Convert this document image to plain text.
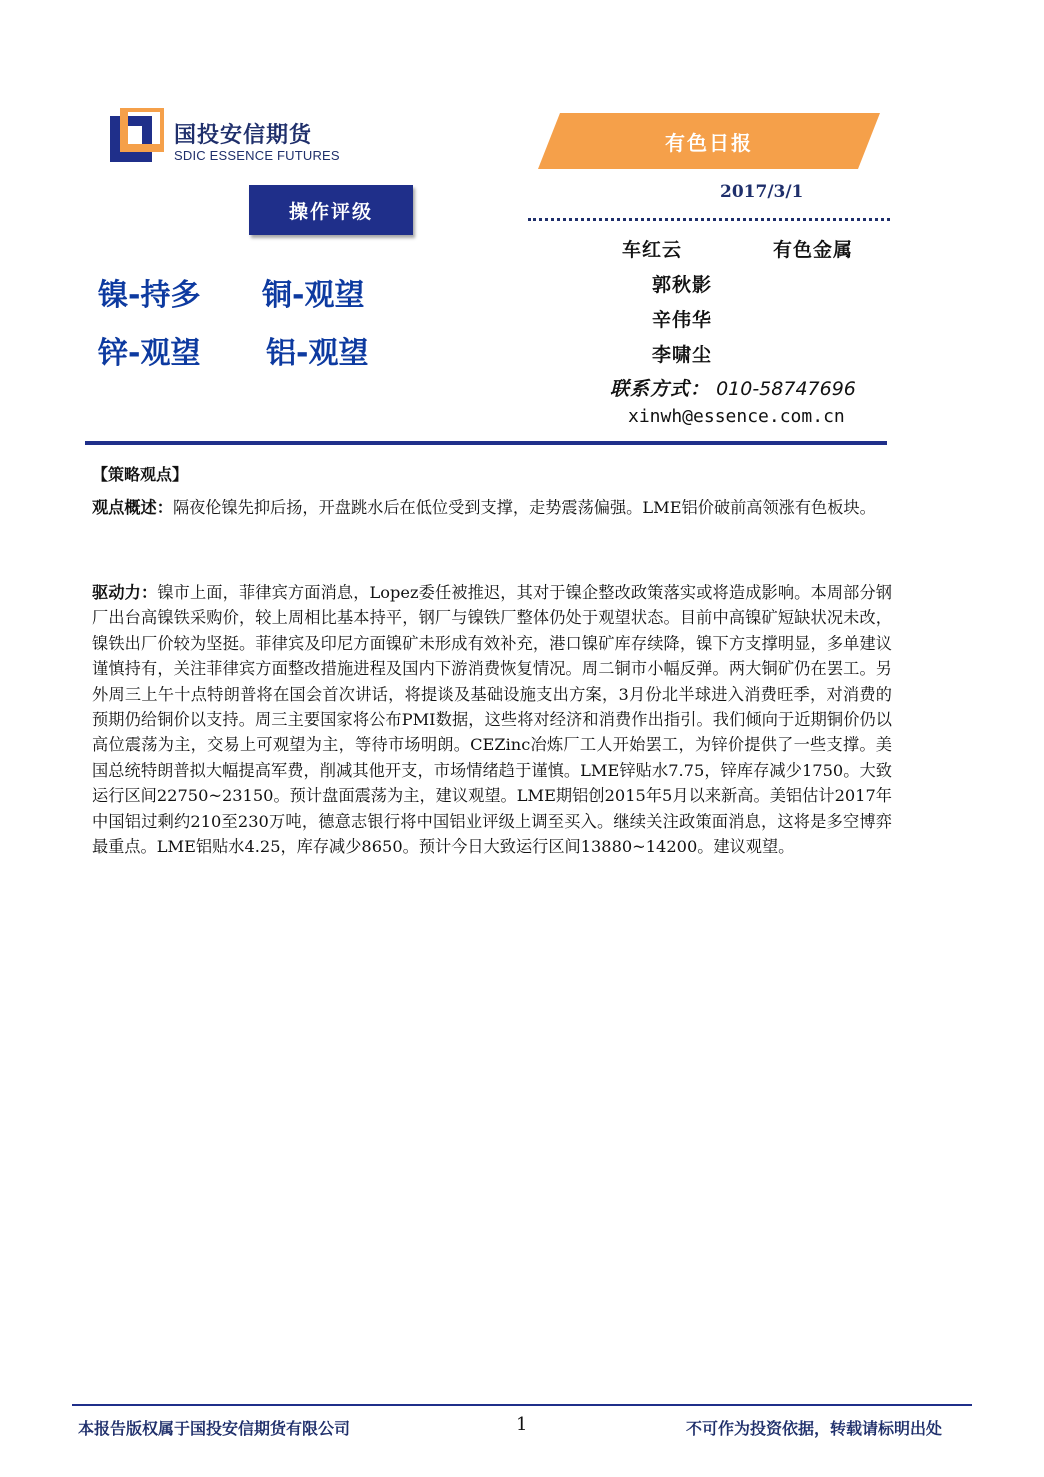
国投安信期货
SDIC ESSENCE FUTURES
有色日报
2017/3/1
操作评级
镍-持多 铜-观望
锌-观望 铝-观望
车红云	有色金属
郭秋影
辛伟华
李啸尘
联系方式： 010-58747696
xinwh@essence.com.cn
【策略观点】
观点概述：隔夜伦镍先抑后扬，开盘跳水后在低位受到支撑，走势震荡偏强。LME铝价破前高领涨有色板块。
驱动力：镍市上面，菲律宾方面消息，Lopez委任被推迟，其对于镍企整改政策落实或将造成影响。本周部分钢厂出台高镍铁采购价，较上周相比基本持平，钢厂与镍铁厂整体仍处于观望状态。目前中高镍矿短缺状况未改，镍铁出厂价较为坚挺。菲律宾及印尼方面镍矿未形成有效补充，港口镍矿库存续降，镍下方支撑明显，多单建议谨慎持有，关注菲律宾方面整改措施进程及国内下游消费恢复情况。周二铜市小幅反弹。两大铜矿仍在罢工。另外周三上午十点特朗普将在国会首次讲话，将提谈及基础设施支出方案，3月份北半球进入消费旺季，对消费的预期仍给铜价以支持。周三主要国家将公布PMI数据，这些将对经济和消费作出指引。我们倾向于近期铜价仍以高位震荡为主，交易上可观望为主，等待市场明朗。CEZinc冶炼厂工人开始罢工，为锌价提供了一些支撑。美国总统特朗普拟大幅提高军费，削减其他开支，市场情绪趋于谨慎。LME锌贴水7.75，锌库存减少1750。大致运行区间22750~23150。预计盘面震荡为主，建议观望。LME期铝创2015年5月以来新高。美铝估计2017年中国铝过剩约210至230万吨，德意志银行将中国铝业评级上调至买入。继续关注政策面消息，这将是多空博弈最重点。LME铝贴水4.25，库存减少8650。预计今日大致运行区间13880~14200。建议观望。
本报告版权属于国投安信期货有限公司	1	不可作为投资依据，转载请标明出处
